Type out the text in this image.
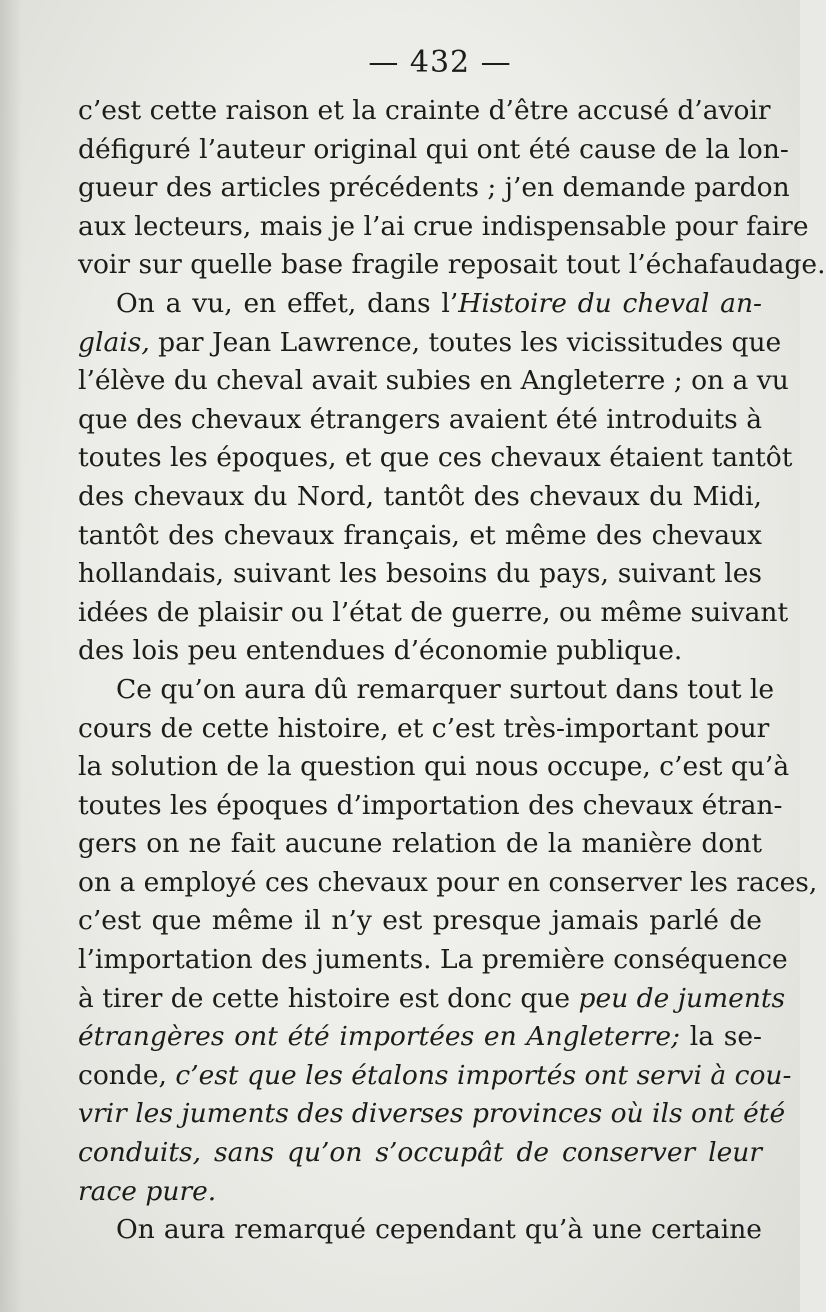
— 432 —
c’est cette raison et la crainte d’être accusé d’avoir
défiguré l’auteur original qui ont été cause de la lon-
gueur des articles précédents ; j’en demande pardon
aux lecteurs, mais je l’ai crue indispensable pour faire
voir sur quelle base fragile reposait tout l’échafaudage.
On a vu, en effet, dans l’Histoire du cheval an-
glais, par Jean Lawrence, toutes les vicissitudes que
l’élève du cheval avait subies en Angleterre ; on a vu
que des chevaux étrangers avaient été introduits à
toutes les époques, et que ces chevaux étaient tantôt
des chevaux du Nord, tantôt des chevaux du Midi,
tantôt des chevaux français, et même des chevaux
hollandais, suivant les besoins du pays, suivant les
idées de plaisir ou l’état de guerre, ou même suivant
des lois peu entendues d’économie publique.
Ce qu’on aura dû remarquer surtout dans tout le
cours de cette histoire, et c’est très-important pour
la solution de la question qui nous occupe, c’est qu’à
toutes les époques d’importation des chevaux étran-
gers on ne fait aucune relation de la manière dont
on a employé ces chevaux pour en conserver les races,
c’est que même il n’y est presque jamais parlé de
l’importation des juments. La première conséquence
à tirer de cette histoire est donc que peu de juments
étrangères ont été importées en Angleterre; la se-
conde, c’est que les étalons importés ont servi à cou-
vrir les juments des diverses provinces où ils ont été
conduits, sans qu’on s’occupât de conserver leur
race pure.
On aura remarqué cependant qu’à une certaine
